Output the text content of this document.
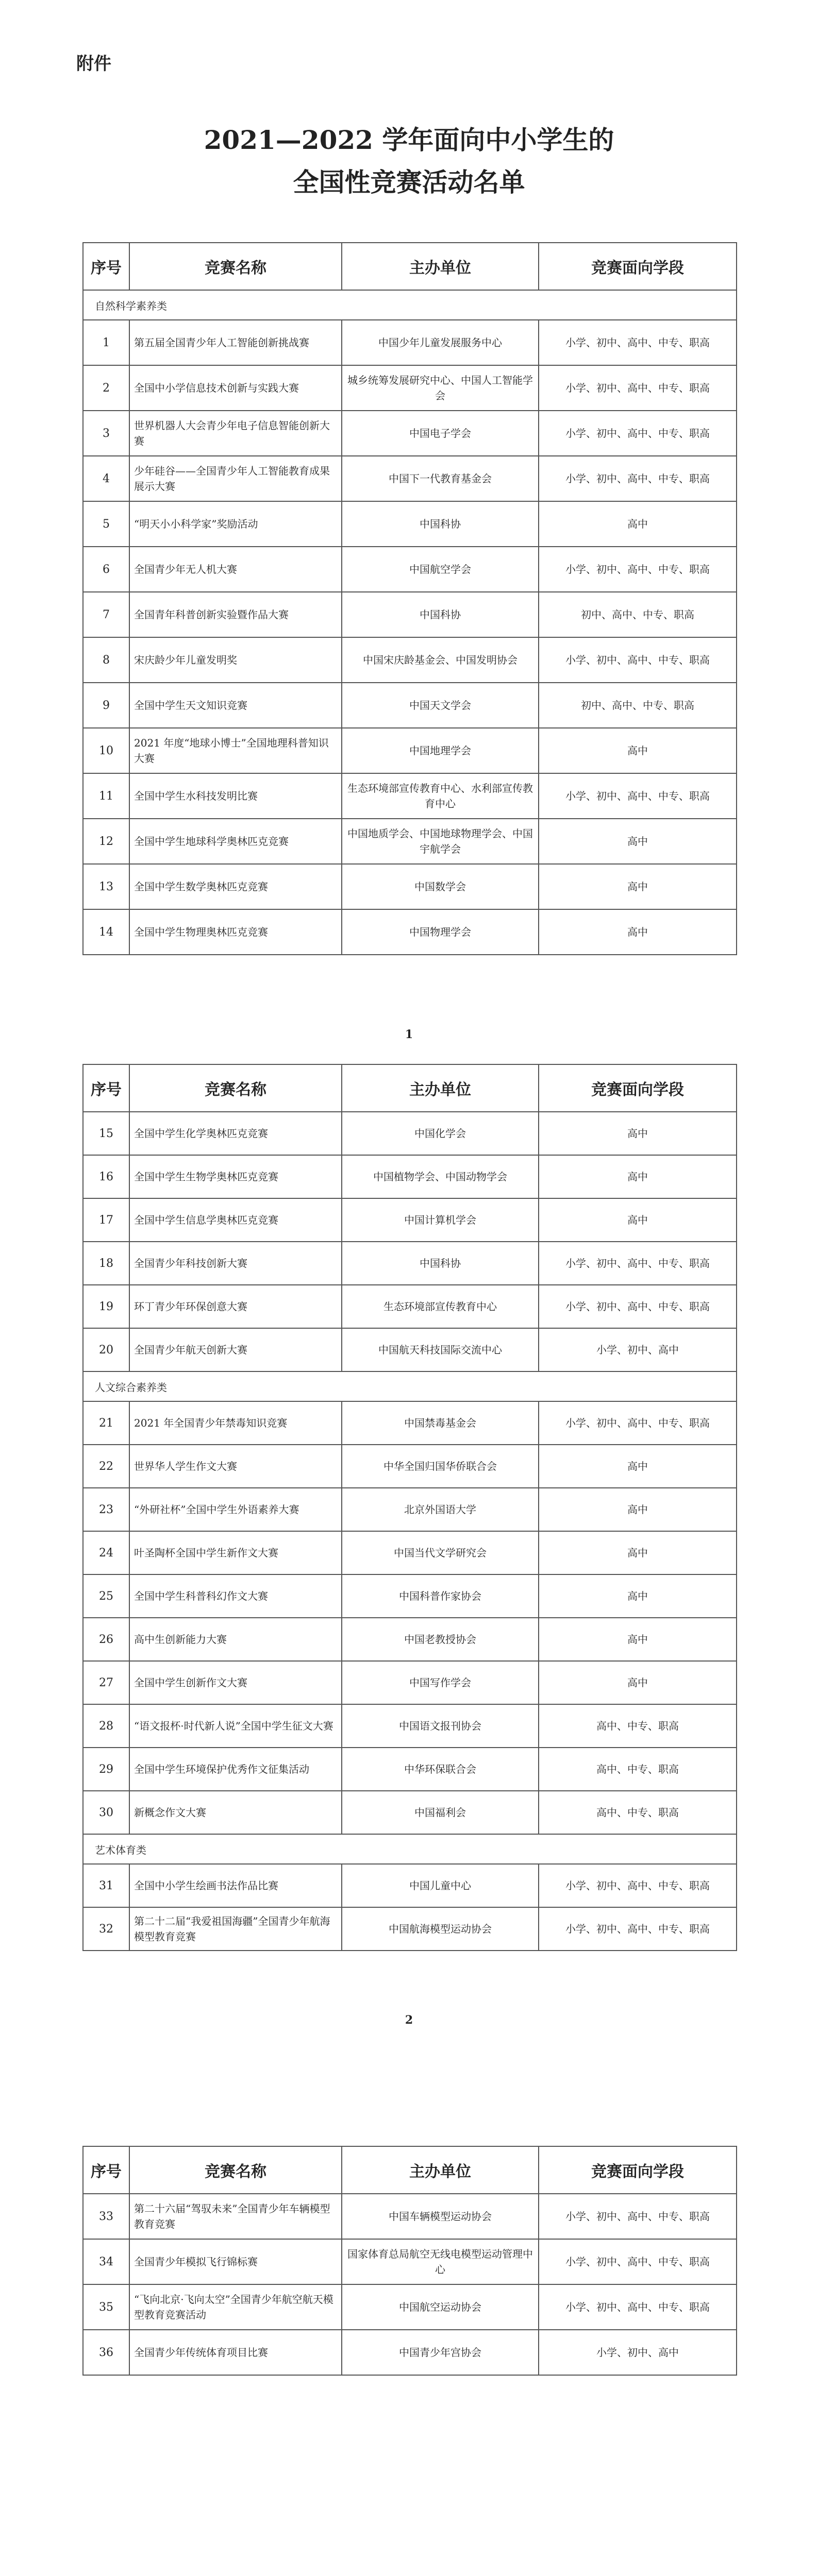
附件
2021—2022 学年面向中小学生的
全国性竞赛活动名单
序号	竞赛名称	主办单位	竞赛面向学段
自然科学素养类			
1	第五届全国青少年人工智能创新挑战赛	中国少年儿童发展服务中心	小学、初中、高中、中专、职高
2	全国中小学信息技术创新与实践大赛	城乡统筹发展研究中心、中国人工智能学会	小学、初中、高中、中专、职高
3	世界机器人大会青少年电子信息智能创新大赛	中国电子学会	小学、初中、高中、中专、职高
4	少年硅谷——全国青少年人工智能教育成果展示大赛	中国下一代教育基金会	小学、初中、高中、中专、职高
5	“明天小小科学家”奖励活动	中国科协	高中
6	全国青少年无人机大赛	中国航空学会	小学、初中、高中、中专、职高
7	全国青年科普创新实验暨作品大赛	中国科协	初中、高中、中专、职高
8	宋庆龄少年儿童发明奖	中国宋庆龄基金会、中国发明协会	小学、初中、高中、中专、职高
9	全国中学生天文知识竞赛	中国天文学会	初中、高中、中专、职高
10	2021 年度“地球小博士”全国地理科普知识大赛	中国地理学会	高中
11	全国中学生水科技发明比赛	生态环境部宣传教育中心、水利部宣传教育中心	小学、初中、高中、中专、职高
12	全国中学生地球科学奥林匹克竞赛	中国地质学会、中国地球物理学会、中国宇航学会	高中
13	全国中学生数学奥林匹克竞赛	中国数学会	高中
14	全国中学生物理奥林匹克竞赛	中国物理学会	高中
1
序号	竞赛名称	主办单位	竞赛面向学段
15	全国中学生化学奥林匹克竞赛	中国化学会	高中
16	全国中学生生物学奥林匹克竞赛	中国植物学会、中国动物学会	高中
17	全国中学生信息学奥林匹克竞赛	中国计算机学会	高中
18	全国青少年科技创新大赛	中国科协	小学、初中、高中、中专、职高
19	环丁青少年环保创意大赛	生态环境部宣传教育中心	小学、初中、高中、中专、职高
20	全国青少年航天创新大赛	中国航天科技国际交流中心	小学、初中、高中
人文综合素养类			
21	2021 年全国青少年禁毒知识竞赛	中国禁毒基金会	小学、初中、高中、中专、职高
22	世界华人学生作文大赛	中华全国归国华侨联合会	高中
23	“外研社杯”全国中学生外语素养大赛	北京外国语大学	高中
24	叶圣陶杯全国中学生新作文大赛	中国当代文学研究会	高中
25	全国中学生科普科幻作文大赛	中国科普作家协会	高中
26	高中生创新能力大赛	中国老教授协会	高中
27	全国中学生创新作文大赛	中国写作学会	高中
28	“语文报杯·时代新人说”全国中学生征文大赛	中国语文报刊协会	高中、中专、职高
29	全国中学生环境保护优秀作文征集活动	中华环保联合会	高中、中专、职高
30	新概念作文大赛	中国福利会	高中、中专、职高
艺术体育类			
31	全国中小学生绘画书法作品比赛	中国儿童中心	小学、初中、高中、中专、职高
32	第二十二届“我爱祖国海疆”全国青少年航海模型教育竞赛	中国航海模型运动协会	小学、初中、高中、中专、职高
2
序号	竞赛名称	主办单位	竞赛面向学段
33	第二十六届“驾驭未来”全国青少年车辆模型教育竞赛	中国车辆模型运动协会	小学、初中、高中、中专、职高
34	全国青少年模拟飞行锦标赛	国家体育总局航空无线电模型运动管理中心	小学、初中、高中、中专、职高
35	“飞向北京·飞向太空”全国青少年航空航天模型教育竞赛活动	中国航空运动协会	小学、初中、高中、中专、职高
36	全国青少年传统体育项目比赛	中国青少年宫协会	小学、初中、高中
